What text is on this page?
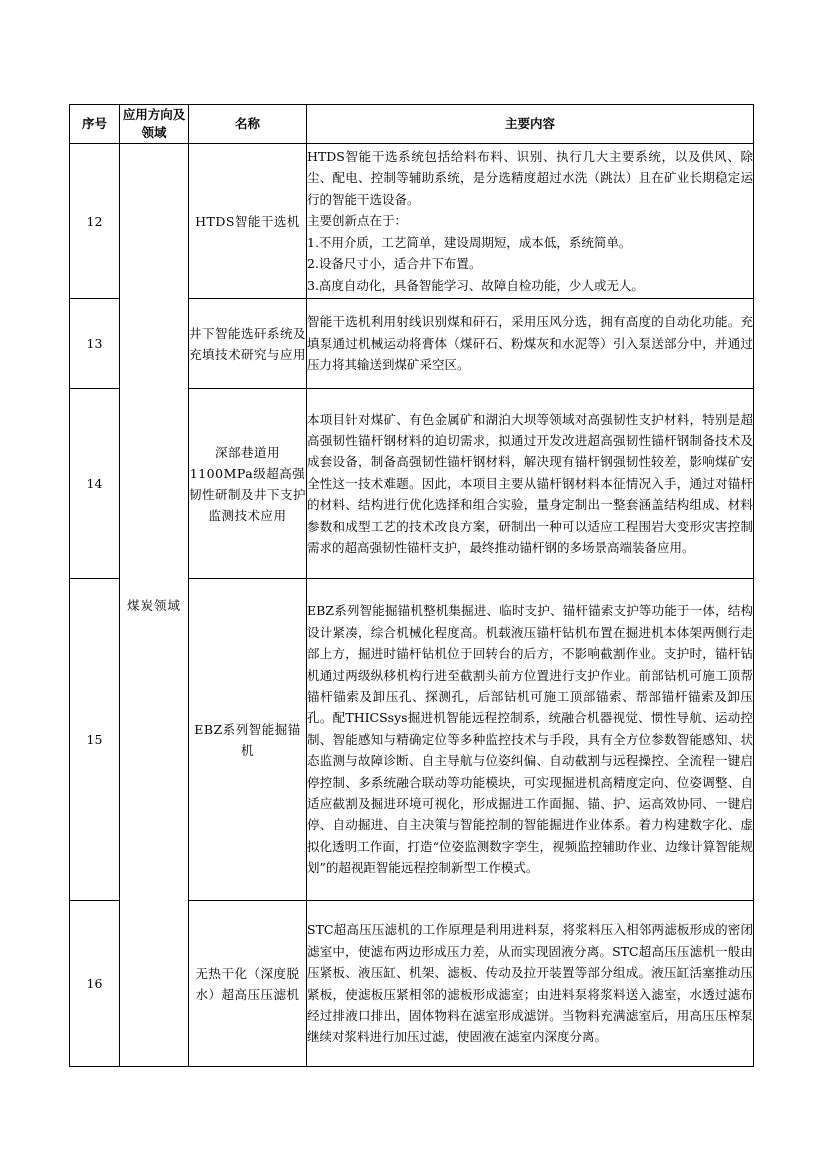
序号	应用方向及领域	名称	主要内容
12	煤炭领域	HTDS智能干选机	HTDS智能干选系统包括给料布料、识别、执行几大主要系统，以及供风、除尘、配电、控制等辅助系统，是分选精度超过水洗（跳汰）且在矿业长期稳定运行的智能干选设备。
主要创新点在于：
1.不用介质，工艺简单，建设周期短，成本低，系统简单。
2.设备尺寸小，适合井下布置。
3.高度自动化，具备智能学习、故障自检功能，少人或无人。

13		井下智能选矸系统及充填技术研究与应用	智能干选机利用射线识别煤和矸石，采用压风分选，拥有高度的自动化功能。充填泵通过机械运动将膏体（煤矸石、粉煤灰和水泥等）引入泵送部分中，并通过压力将其输送到煤矿采空区。

14		深部巷道用1100MPa级超高强韧性研制及井下支护监测技术应用	本项目针对煤矿、有色金属矿和湖泊大坝等领域对高强韧性支护材料，特别是超高强韧性锚杆钢材料的迫切需求，拟通过开发改进超高强韧性锚杆钢制备技术及成套设备，制备高强韧性锚杆钢材料，解决现有锚杆钢强韧性较差，影响煤矿安全性这一技术难题。因此，本项目主要从锚杆钢材料本征情况入手，通过对锚杆的材料、结构进行优化选择和组合实验，量身定制出一整套涵盖结构组成、材料参数和成型工艺的技术改良方案，研制出一种可以适应工程围岩大变形灾害控制需求的超高强韧性锚杆支护，最终推动锚杆钢的多场景高端装备应用。

15		EBZ系列智能掘锚机	EBZ系列智能掘锚机整机集掘进、临时支护、锚杆锚索支护等功能于一体，结构设计紧凑，综合机械化程度高。机载液压锚杆钻机布置在掘进机本体架两侧行走部上方，掘进时锚杆钻机位于回转台的后方，不影响截割作业。支护时，锚杆钻机通过两级纵移机构行进至截割头前方位置进行支护作业。前部钻机可施工顶帮锚杆锚索及卸压孔、探测孔，后部钻机可施工顶部锚索、帮部锚杆锚索及卸压孔。配THICSsys掘进机智能远程控制系，统融合机器视觉、惯性导航、运动控制、智能感知与精确定位等多种监控技术与手段，具有全方位参数智能感知、状态监测与故障诊断、自主导航与位姿纠偏、自动截割与远程操控、全流程一键启停控制、多系统融合联动等功能模块，可实现掘进机高精度定向、位姿调整、自适应截割及掘进环境可视化，形成掘进工作面掘、锚、护、运高效协同、一键启停、自动掘进、自主决策与智能控制的智能掘进作业体系。着力构建数字化、虚拟化透明工作面，打造“位姿监测数字孪生，视频监控辅助作业、边缘计算智能规划”的超视距智能远程控制新型工作模式。

16		无热干化（深度脱水）超高压压滤机	STC超高压压滤机的工作原理是利用进料泵，将浆料压入相邻两滤板形成的密闭滤室中，使滤布两边形成压力差，从而实现固液分离。STC超高压压滤机一般由压紧板、液压缸、机架、滤板、传动及拉开装置等部分组成。液压缸活塞推动压紧板，使滤板压紧相邻的滤板形成滤室；由进料泵将浆料送入滤室，水透过滤布经过排液口排出，固体物料在滤室形成滤饼。当物料充满滤室后，用高压压榨泵继续对浆料进行加压过滤，使固液在滤室内深度分离。
